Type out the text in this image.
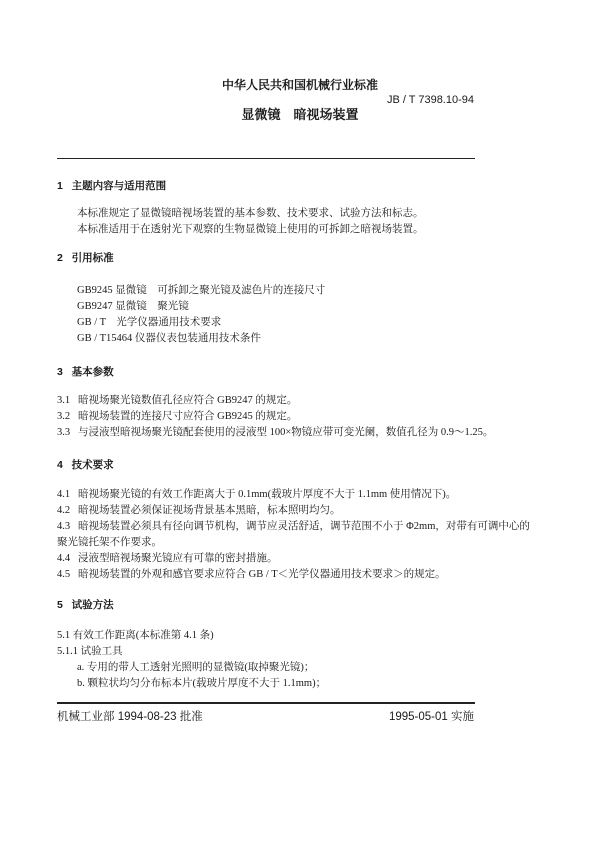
中华人民共和国机械行业标准
JB / T 7398.10-94
显微镜　暗视场装置
1 主题内容与适用范围
本标准规定了显微镜暗视场装置的基本参数、技术要求、试验方法和标志。
本标准适用于在透射光下观察的生物显微镜上使用的可拆卸之暗视场装置。
2 引用标准
GB9245 显微镜　可拆卸之聚光镜及滤色片的连接尺寸
GB9247 显微镜　聚光镜
GB / T　光学仪器通用技术要求
GB / T15464 仪器仪表包装通用技术条件
3 基本参数
3.1 暗视场聚光镜数值孔径应符合 GB9247 的规定。
3.2 暗视场装置的连接尺寸应符合 GB9245 的规定。
3.3 与浸液型暗视场聚光镜配套使用的浸液型 100×物镜应带可变光阑，数值孔径为 0.9～1.25。
4 技术要求
4.1 暗视场聚光镜的有效工作距离大于 0.1mm(载玻片厚度不大于 1.1mm 使用情况下)。
4.2 暗视场装置必须保证视场背景基本黑暗，标本照明均匀。
4.3 暗视场装置必须具有径向调节机构，调节应灵活舒适，调节范围不小于 Φ2mm，对带有可调中心的
聚光镜托架不作要求。
4.4 浸液型暗视场聚光镜应有可靠的密封措施。
4.5 暗视场装置的外观和感官要求应符合 GB / T＜光学仪器通用技术要求＞的规定。
5 试验方法
5.1 有效工作距离(本标准第 4.1 条)
5.1.1 试验工具
a. 专用的带人工透射光照明的显微镜(取掉聚光镜)；
b. 颗粒状均匀分布标本片(载玻片厚度不大于 1.1mm)；
机械工业部 1994-08-23 批准	1995-05-01 实施
